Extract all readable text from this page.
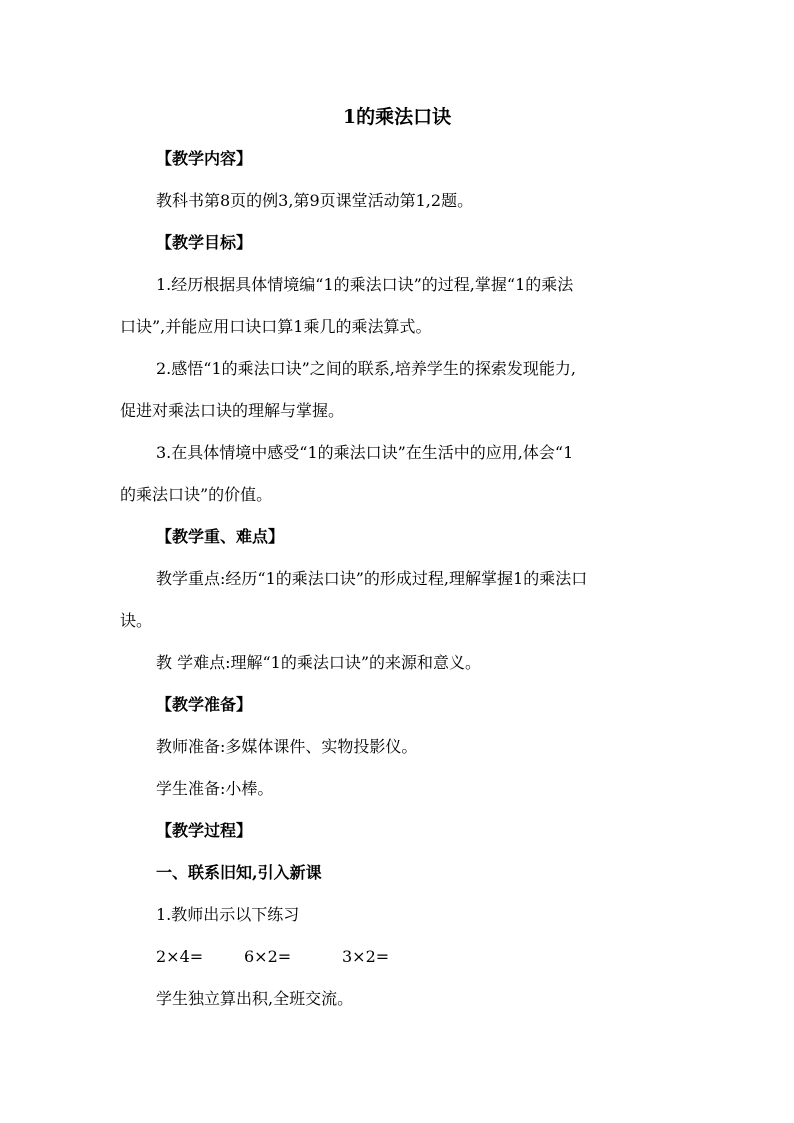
1的乘法口诀
【教学内容】
教科书第8页的例3,第9页课堂活动第1,2题。
【教学目标】
1.经历根据具体情境编“1的乘法口诀”的过程,掌握“1的乘法
口诀”,并能应用口诀口算1乘几的乘法算式。
2.感悟“1的乘法口诀”之间的联系,培养学生的探索发现能力,
促进对乘法口诀的理解与掌握。
3.在具体情境中感受“1的乘法口诀”在生活中的应用,体会“1
的乘法口诀”的价值。
【教学重、难点】
教学重点:经历“1的乘法口诀”的形成过程,理解掌握1的乘法口
诀。
教 学难点:理解“1的乘法口诀”的来源和意义。
【教学准备】
教师准备:多媒体课件、实物投影仪。
学生准备:小棒。
【教学过程】
一、联系旧知,引入新课
1.教师出示以下练习
2×4=	6×2=	3×2=
学生独立算出积,全班交流。
